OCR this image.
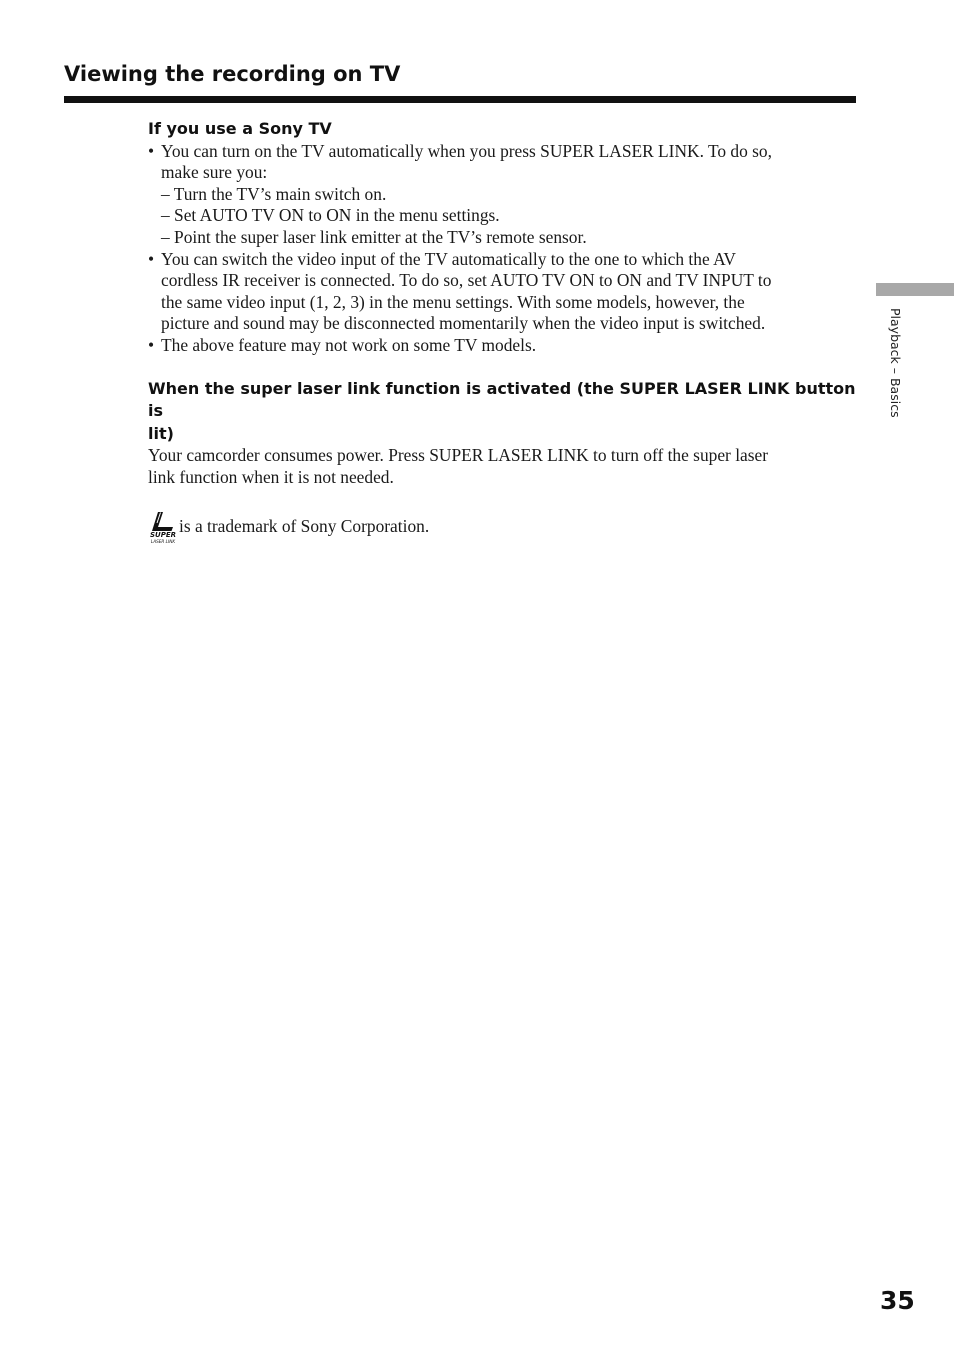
Viewing the recording on TV
If you use a Sony TV
• You can turn on the TV automatically when you press SUPER LASER LINK. To do so,

make sure you:

– Turn the TV’s main switch on.

– Set AUTO TV ON to ON in the menu settings.

– Point the super laser link emitter at the TV’s remote sensor.

• You can switch the video input of the TV automatically to the one to which the AV

cordless IR receiver is connected. To do so, set AUTO TV ON to ON and TV INPUT to

the same video input (1, 2, 3) in the menu settings. With some models, however, the

picture and sound may be disconnected momentarily when the video input is switched.

• The above feature may not work on some TV models.

When the super laser link function is activated (the SUPER LASER LINK button is
lit)

Your camcorder consumes power. Press SUPER LASER LINK to turn off the super laser

link function when it is not needed.

SUPER
LASER LINK
is a trademark of Sony Corporation.
Playback – Basics
35
